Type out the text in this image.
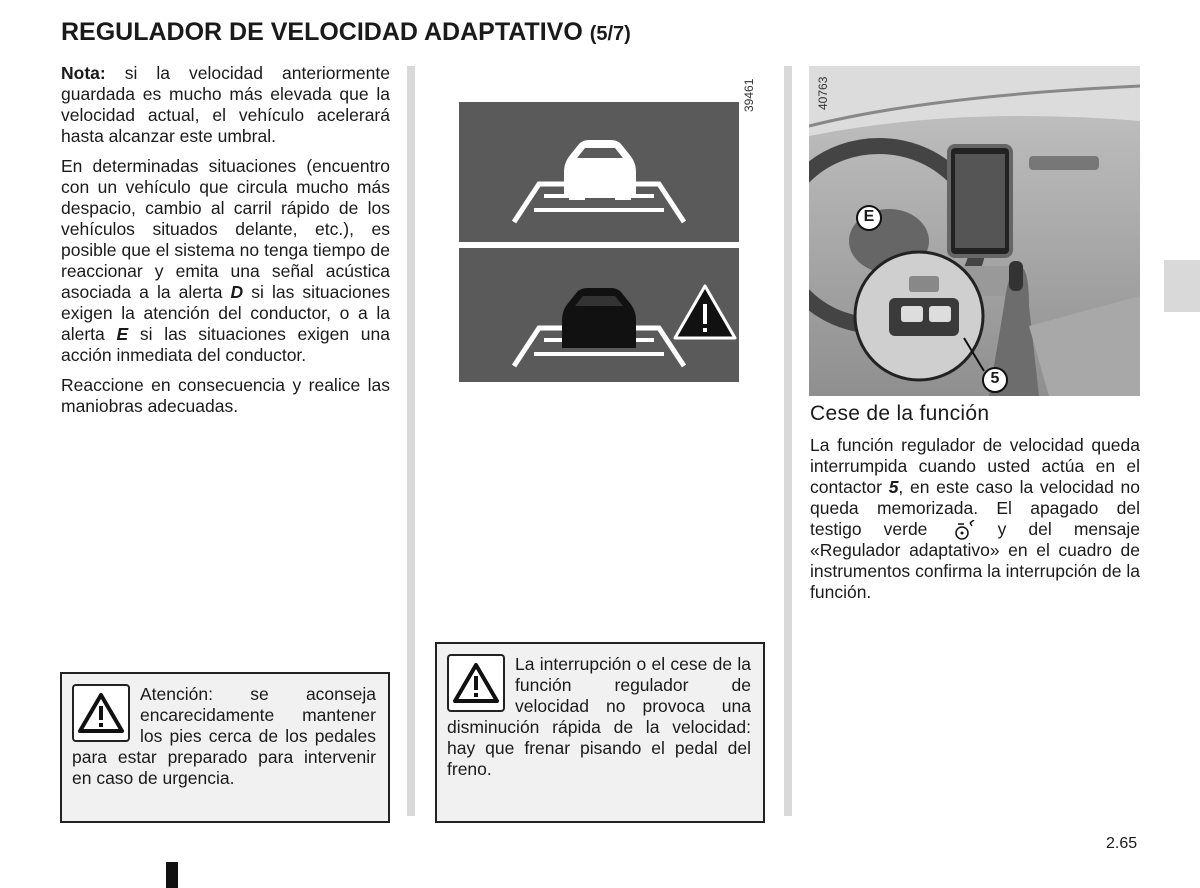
REGULADOR DE VELOCIDAD ADAPTATIVO (5/7)

Nota: si la velocidad anteriormente guardada es mucho más elevada que la velocidad actual, el vehículo acelerará hasta alcanzar este umbral.

En determinadas situaciones (encuentro con un vehículo que circula mucho más despacio, cambio al carril rápido de los vehículos situados delante, etc.), es posible que el sistema no tenga tiempo de reaccionar y emita una señal acústica asociada a la alerta D si las situaciones exigen la atención del conductor, o a la alerta E si las situaciones exigen una acción inmediata del conductor.

Reaccione en consecuencia y realice las maniobras adecuadas.

Atención: se aconseja encarecidamente mantener los pies cerca de los pedales para estar preparado para intervenir en caso de urgencia.
39461
La interrupción o el cese de la función regulador de velocidad no provoca una disminución rápida de la velocidad: hay que frenar pisando el pedal del freno.
E
5
40763
Cese de la función

La función regulador de velocidad queda interrumpida cuando usted actúa en el contactor 5, en este caso la velocidad no queda memorizada. El apagado del testigo verde  y del mensaje «Regulador adaptativo» en el cuadro de instrumentos confirma la interrupción de la función.

2.65
